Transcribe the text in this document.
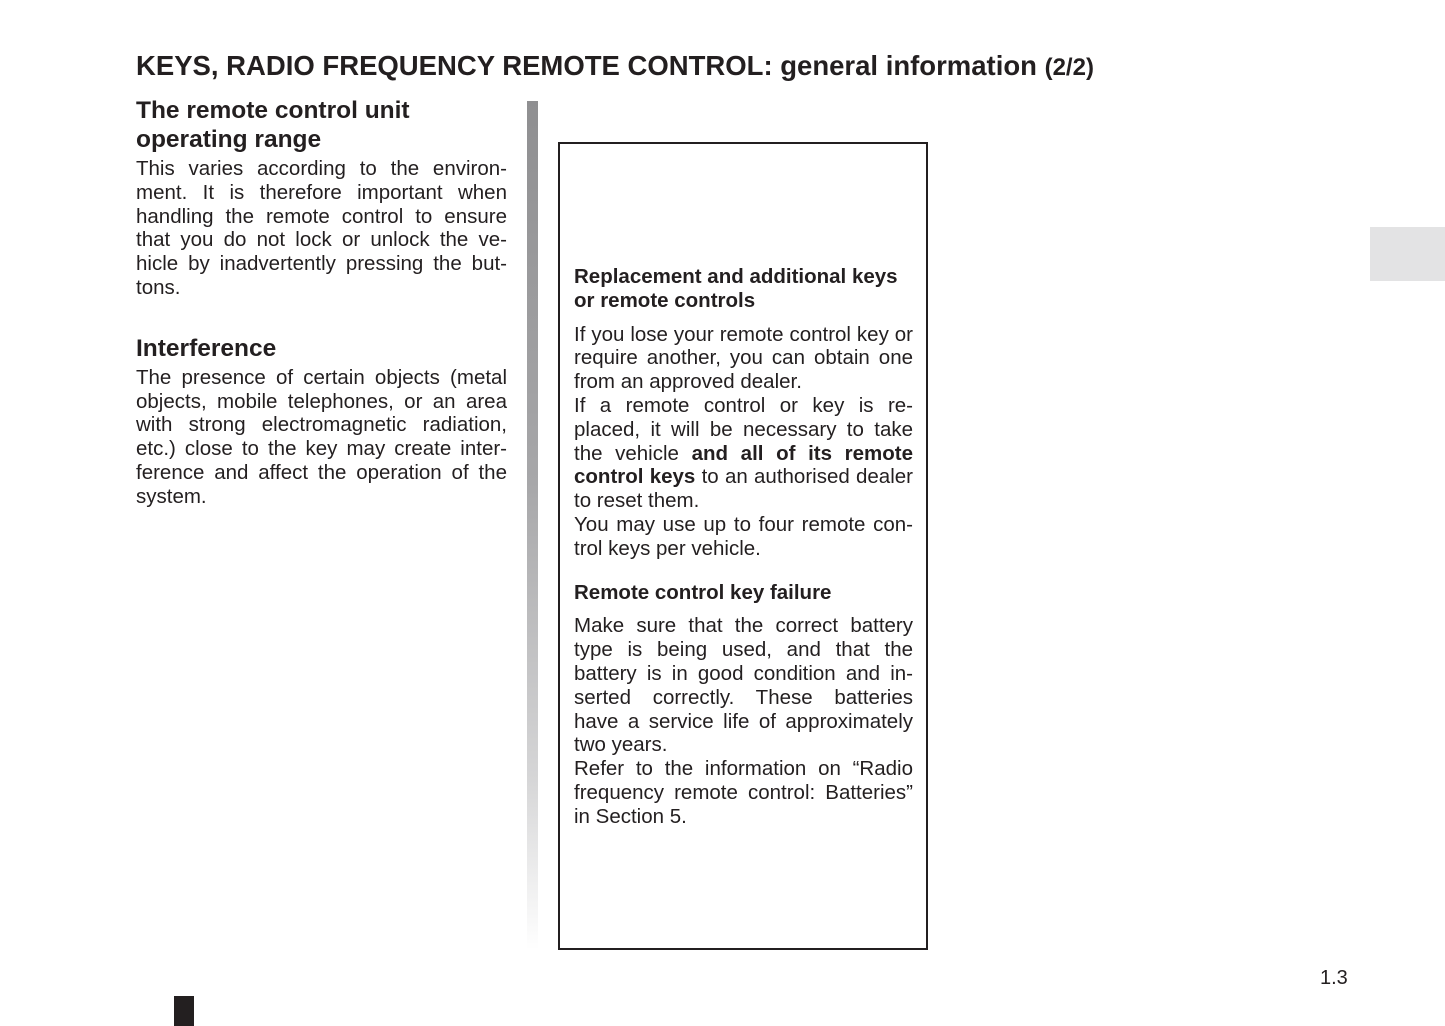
KEYS, RADIO FREQUENCY REMOTE CONTROL: general information (2/2)
The remote control unit operating range

This varies according to the environ-ment. It is therefore important when handling the remote control to ensure that you do not lock or unlock the ve-hicle by inadvertently pressing the but-tons.

Interference

The presence of certain objects (metal objects, mobile telephones, or an area with strong electromagnetic radiation, etc.) close to the key may create inter-ference and affect the operation of the system.

Replacement and additional keys or remote controls

If you lose your remote control key or require another, you can obtain one from an approved dealer.
If a remote control or key is re-placed, it will be necessary to take the vehicle and all of its remote control keys to an authorised dealer to reset them.
You may use up to four remote con-trol keys per vehicle.

Remote control key failure

Make sure that the correct battery type is being used, and that the battery is in good condition and in-serted correctly. These batteries have a service life of approximately two years.
Refer to the information on “Radio frequency remote control: Batteries” in Section 5.

1.3
